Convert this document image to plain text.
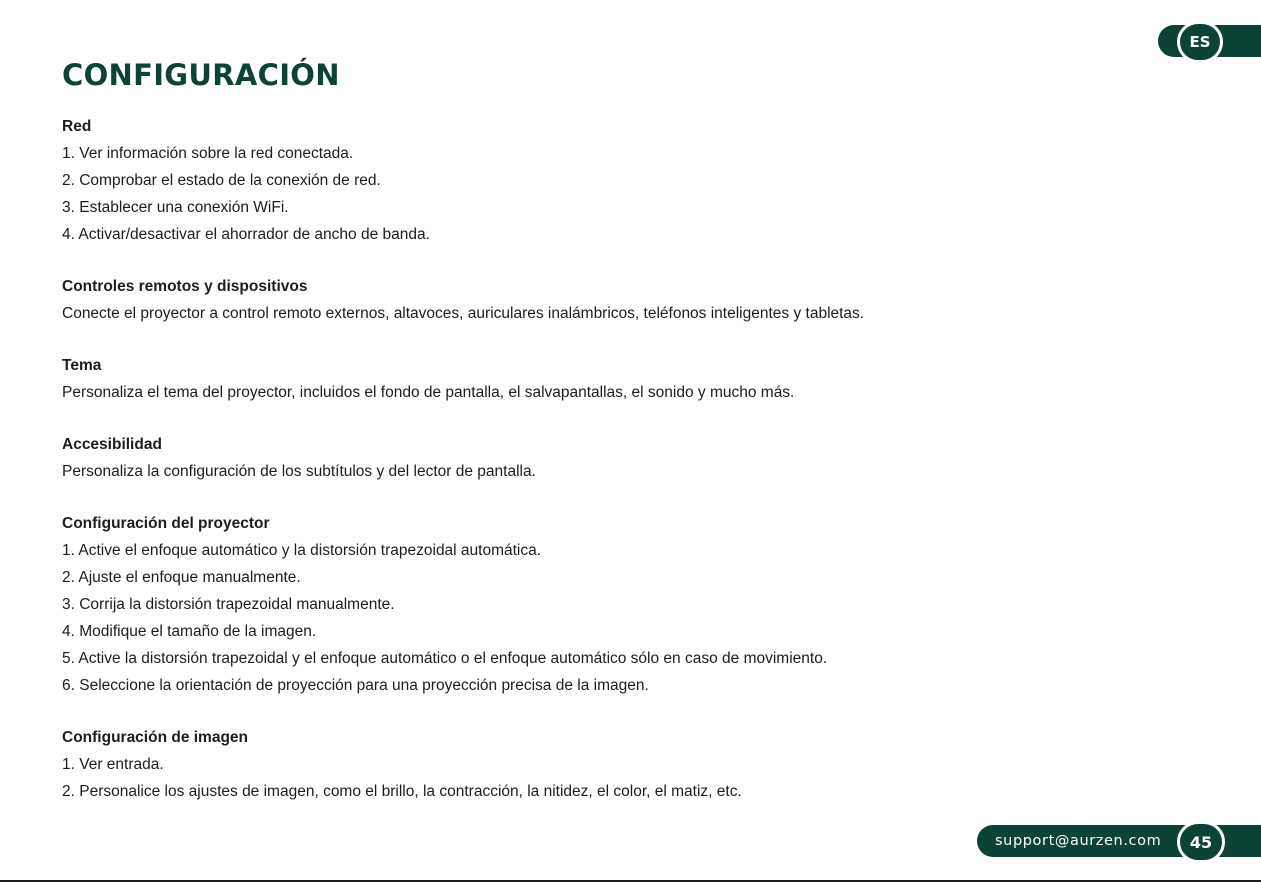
ES
CONFIGURACIÓN

Red

1. Ver información sobre la red conectada.

2. Comprobar el estado de la conexión de red.

3. Establecer una conexión WiFi.

4. Activar/desactivar el ahorrador de ancho de banda.

Controles remotos y dispositivos

Conecte el proyector a control remoto externos, altavoces, auriculares inalámbricos, teléfonos inteligentes y tabletas.

Tema

Personaliza el tema del proyector, incluidos el fondo de pantalla, el salvapantallas, el sonido y mucho más.

Accesibilidad

Personaliza la configuración de los subtítulos y del lector de pantalla.

Configuración del proyector

1. Active el enfoque automático y la distorsión trapezoidal automática.

2. Ajuste el enfoque manualmente.

3. Corrija la distorsión trapezoidal manualmente.

4. Modifique el tamaño de la imagen.

5. Active la distorsión trapezoidal y el enfoque automático o el enfoque automático sólo en caso de movimiento.

6. Seleccione la orientación de proyección para una proyección precisa de la imagen.

Configuración de imagen

1. Ver entrada.

2. Personalice los ajustes de imagen, como el brillo, la contracción, la nitidez, el color, el matiz, etc.

support@aurzen.com	45
